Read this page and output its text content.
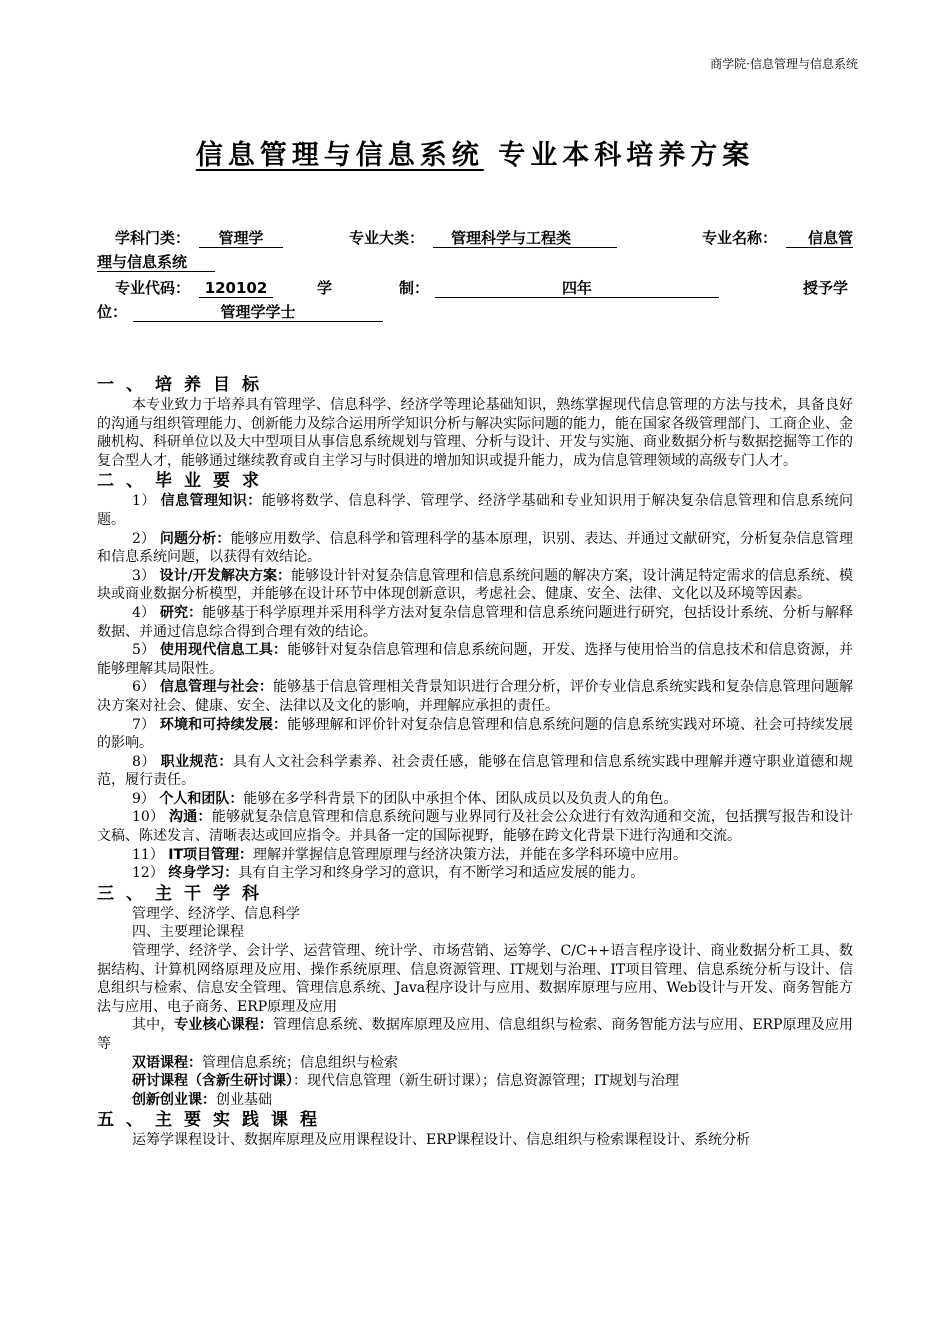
商学院·信息管理与信息系统
信息管理与信息系统 专业本科培养方案
学科门类：	管理学	专业大类：	管理科学与工程类	专业名称：	信息管
理与信息系统
专业代码： 120102	学	制：	四年	授予学
位：	管理学学士

一、培养目标

本专业致力于培养具有管理学、信息科学、经济学等理论基础知识，熟练掌握现代信息管理的方法与技术，具备良好的沟通与组织管理能力、创新能力及综合运用所学知识分析与解决实际问题的能力，能在国家各级管理部门、工商企业、金融机构、科研单位以及大中型项目从事信息系统规划与管理、分析与设计、开发与实施、商业数据分析与数据挖掘等工作的复合型人才，能够通过继续教育或自主学习与时俱进的增加知识或提升能力，成为信息管理领域的高级专门人才。

二、毕业要求

1） 信息管理知识：能够将数学、信息科学、管理学、经济学基础和专业知识用于解决复杂信息管理和信息系统问题。

2） 问题分析：能够应用数学、信息科学和管理科学的基本原理，识别、表达、并通过文献研究，分析复杂信息管理和信息系统问题，以获得有效结论。

3） 设计/开发解决方案：能够设计针对复杂信息管理和信息系统问题的解决方案，设计满足特定需求的信息系统、模块或商业数据分析模型，并能够在设计环节中体现创新意识，考虑社会、健康、安全、法律、文化以及环境等因素。

4） 研究：能够基于科学原理并采用科学方法对复杂信息管理和信息系统问题进行研究，包括设计系统、分析与解释数据、并通过信息综合得到合理有效的结论。

5） 使用现代信息工具：能够针对复杂信息管理和信息系统问题，开发、选择与使用恰当的信息技术和信息资源，并能够理解其局限性。

6） 信息管理与社会：能够基于信息管理相关背景知识进行合理分析，评价专业信息系统实践和复杂信息管理问题解决方案对社会、健康、安全、法律以及文化的影响，并理解应承担的责任。

7） 环境和可持续发展：能够理解和评价针对复杂信息管理和信息系统问题的信息系统实践对环境、社会可持续发展的影响。

8） 职业规范：具有人文社会科学素养、社会责任感，能够在信息管理和信息系统实践中理解并遵守职业道德和规范，履行责任。

9） 个人和团队：能够在多学科背景下的团队中承担个体、团队成员以及负责人的角色。

10） 沟通：能够就复杂信息管理和信息系统问题与业界同行及社会公众进行有效沟通和交流，包括撰写报告和设计文稿、陈述发言、清晰表达或回应指令。并具备一定的国际视野，能够在跨文化背景下进行沟通和交流。

11） IT项目管理：理解并掌握信息管理原理与经济决策方法，并能在多学科环境中应用。

12） 终身学习：具有自主学习和终身学习的意识，有不断学习和适应发展的能力。

三、主干学科

管理学、经济学、信息科学

四、主要理论课程

管理学、经济学、会计学、运营管理、统计学、市场营销、运筹学、C/C++语言程序设计、商业数据分析工具、数据结构、计算机网络原理及应用、操作系统原理、信息资源管理、IT规划与治理、IT项目管理、信息系统分析与设计、信息组织与检索、信息安全管理、管理信息系统、Java程序设计与应用、数据库原理与应用、Web设计与开发、商务智能方法与应用、电子商务、ERP原理及应用

其中，专业核心课程：管理信息系统、数据库原理及应用、信息组织与检索、商务智能方法与应用、ERP原理及应用等

双语课程：管理信息系统；信息组织与检索

研讨课程（含新生研讨课）：现代信息管理（新生研讨课）；信息资源管理；IT规划与治理

创新创业课：创业基础

五、主要实践课程

运筹学课程设计、数据库原理及应用课程设计、ERP课程设计、信息组织与检索课程设计、系统分析
